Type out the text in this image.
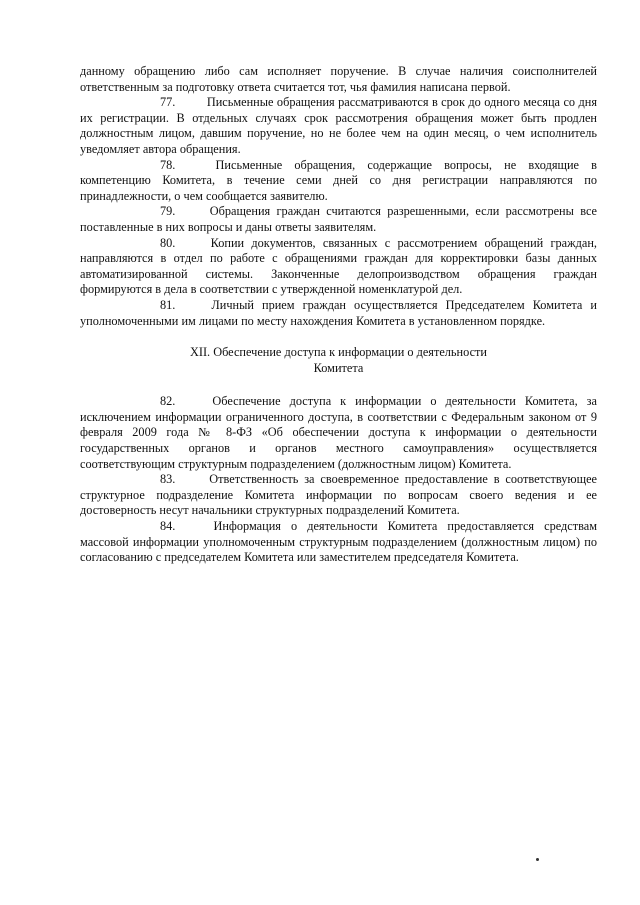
данному обращению либо сам исполняет поручение. В случае наличия соисполнителей ответственным за подготовку ответа считается тот, чья фамилия написана первой.

77.	Письменные обращения рассматриваются в срок до одного месяца со дня их регистрации. В отдельных случаях срок рассмотрения обращения может быть продлен должностным лицом, давшим поручение, но не более чем на один месяц, о чем исполнитель уведомляет автора обращения.

78.	Письменные обращения, содержащие вопросы, не входящие в компетенцию Комитета, в течение семи дней со дня регистрации направляются по принадлежности, о чем сообщается заявителю.

79.	Обращения граждан считаются разрешенными, если рассмотрены все поставленные в них вопросы и даны ответы заявителям.

80.	Копии документов, связанных с рассмотрением обращений граждан, направляются в отдел по работе с обращениями граждан для корректировки базы данных автоматизированной системы. Законченные делопроизводством обращения граждан формируются в дела в соответствии с утвержденной номенклатурой дел.

81.	Личный прием граждан осуществляется Председателем Комитета и уполномоченными им лицами по месту нахождения Комитета в установленном порядке.

XII. Обеспечение доступа к информации о деятельности
Комитета

82.	Обеспечение доступа к информации о деятельности Комитета, за исключением информации ограниченного доступа, в соответствии с Федеральным законом от 9 февраля 2009 года № 8-ФЗ «Об обеспечении доступа к информации о деятельности государственных органов и органов местного самоуправления» осуществляется соответствующим структурным подразделением (должностным лицом) Комитета.

83.	Ответственность за своевременное предоставление в соответствующее структурное подразделение Комитета информации по вопросам своего ведения и ее достоверность несут начальники структурных подразделений Комитета.

84.	Информация о деятельности Комитета предоставляется средствам массовой информации уполномоченным структурным подразделением (должностным лицом) по согласованию с председателем Комитета или заместителем председателя Комитета.
